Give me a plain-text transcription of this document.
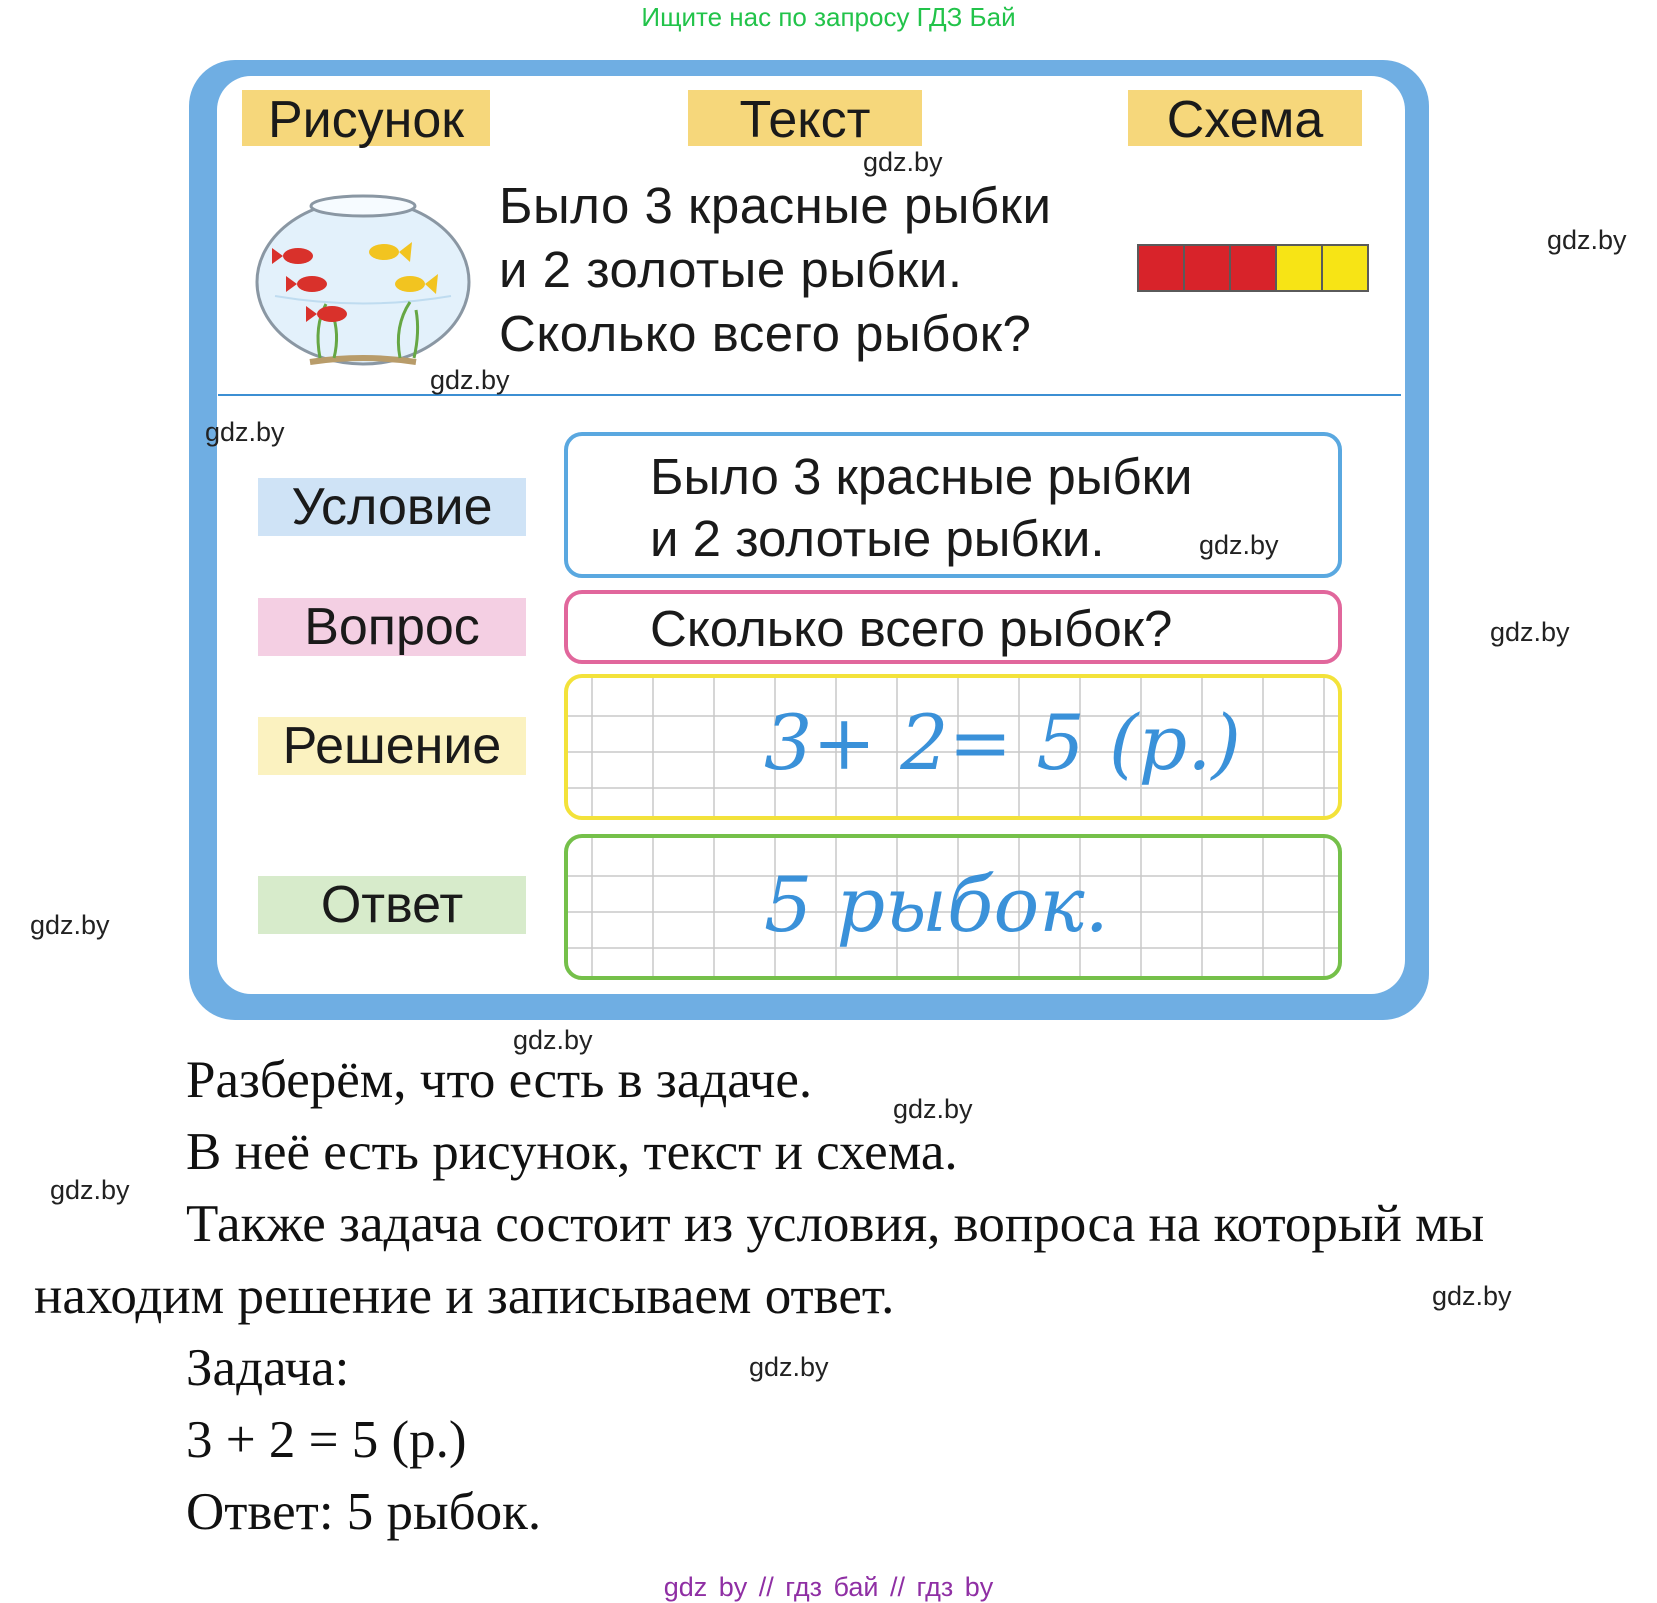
Ищите нас по запросу ГДЗ Бай
Рисунок	Текст	Схема
Было 3 красные рыбки
и 2 золотые рыбки.
Сколько всего рыбок?
Условие
Вопрос
Решение
Ответ
Было 3 красные рыбки
и 2 золотые рыбки.
Сколько всего рыбок?
3+ 2= 5 (р.)
5 рыбок.
Разберём, что есть в задаче.
В неё есть рисунок, текст и схема.
Также задача состоит из условия, вопроса на который мы
находим решение и записываем ответ.
Задача:
3 + 2 = 5 (р.)
Ответ: 5 рыбок.
gdz.by
gdz.by
gdz.by
gdz.by
gdz.by
gdz.by
gdz.by
gdz.by
gdz.by
gdz.by
gdz.by
gdz.by
gdz by // гдз бай // гдз by
